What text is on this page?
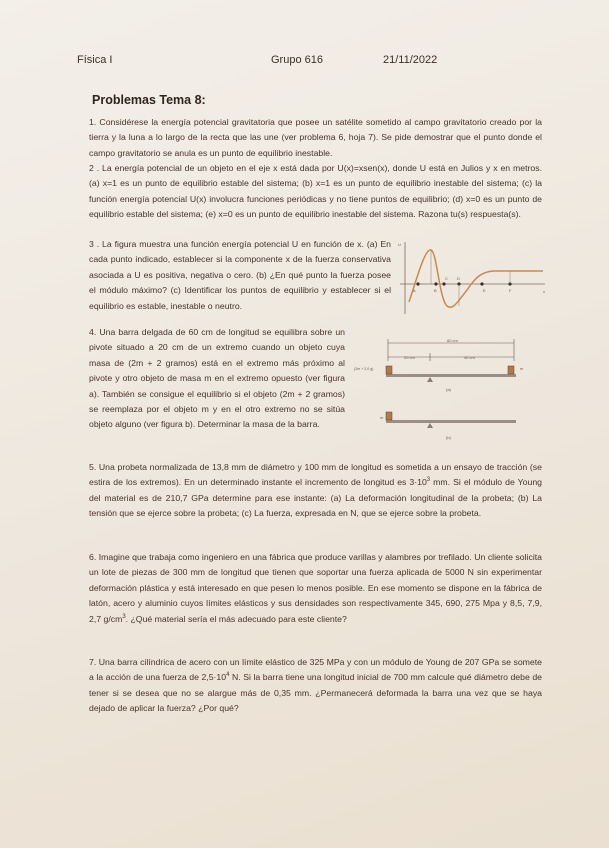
Física I	Grupo 616	21/11/2022
Problemas Tema 8:
1. Considérese la energía potencial gravitatoria que posee un satélite sometido al campo gravitatorio creado por la tierra y la luna a lo largo de la recta que las une (ver problema 6, hoja 7). Se pide demostrar que el punto donde el campo gravitatorio se anula es un punto de equilibrio inestable.
2 . La energía potencial de un objeto en el eje x está dada por U(x)=xsen(x), donde U está en Julios y x en metros. (a) x=1 es un punto de equilibrio estable del sistema; (b) x=1 es un punto de equilibrio inestable del sistema; (c) la función energía potencial U(x) involucra funciones periódicas y no tiene puntos de equilibrio; (d) x=0 es un punto de equilibrio estable del sistema; (e) x=0 es un punto de equilibrio inestable del sistema. Razona tu(s) respuesta(s).
3 . La figura muestra una función energía potencial U en función de x. (a) En cada punto indicado, establecer si la componente x de la fuerza conservativa asociada a U es positiva, negativa o cero. (b) ¿En qué punto la fuerza posee el módulo máximo? (c) Identificar los puntos de equilibrio y establecer si el equilibrio es estable, inestable o neutro.
4. Una barra delgada de 60 cm de longitud se equilibra sobre un pivote situado a 20 cm de un extremo cuando un objeto cuya masa de (2m + 2 gramos) está en el extremo más próximo al pivote y otro objeto de masa m en el extremo opuesto (ver figura a). También se consigue el equilibrio si el objeto (2m + 2 gramos) se reemplaza por el objeto m y en el otro extremo no se sitúa objeto alguno (ver figura b). Determinar la masa de la barra.
5. Una probeta normalizada de 13,8 mm de diámetro y 100 mm de longitud es sometida a un ensayo de tracción (se estira de los extremos). En un determinado instante el incremento de longitud es $3\cdot 10^3$ mm. Si el módulo de Young del material es de 210,7 GPa determine para ese instante: (a) La deformación longitudinal de la probeta; (b) La tensión que se ejerce sobre la probeta; (c) La fuerza, expresada en N, que se ejerce sobre la probeta.
6. Imagine que trabaja como ingeniero en una fábrica que produce varillas y alambres por trefilado. Un cliente solicita un lote de piezas de 300 mm de longitud que tienen que soportar una fuerza aplicada de 5000 N sin experimentar deformación plástica y está interesado en que pesen lo menos posible. En ese momento se dispone en la fábrica de latón, acero y aluminio cuyos límites elásticos y sus densidades son respectivamente 345, 690, 275 Mpa y 8,5, 7,9, 2,7 $g/cm^3$. ¿Qué material sería el más adecuado para este cliente?
7. Una barra cilíndrica de acero con un límite elástico de 325 MPa y con un módulo de Young de 207 GPa se somete a la acción de una fuerza de $2,5\cdot 10^4$ N. Si la barra tiene una longitud inicial de 700 mm calcule qué diámetro debe de tener si se desea que no se alargue más de 0,35 mm. ¿Permanecerá deformada la barra una vez que se haya dejado de aplicar la fuerza? ¿Por qué?
U
x
A	B
C D
E	F
60 cm
20 cm	40 cm
(2m + 2,0 g)	m
(a)
m
(b)
